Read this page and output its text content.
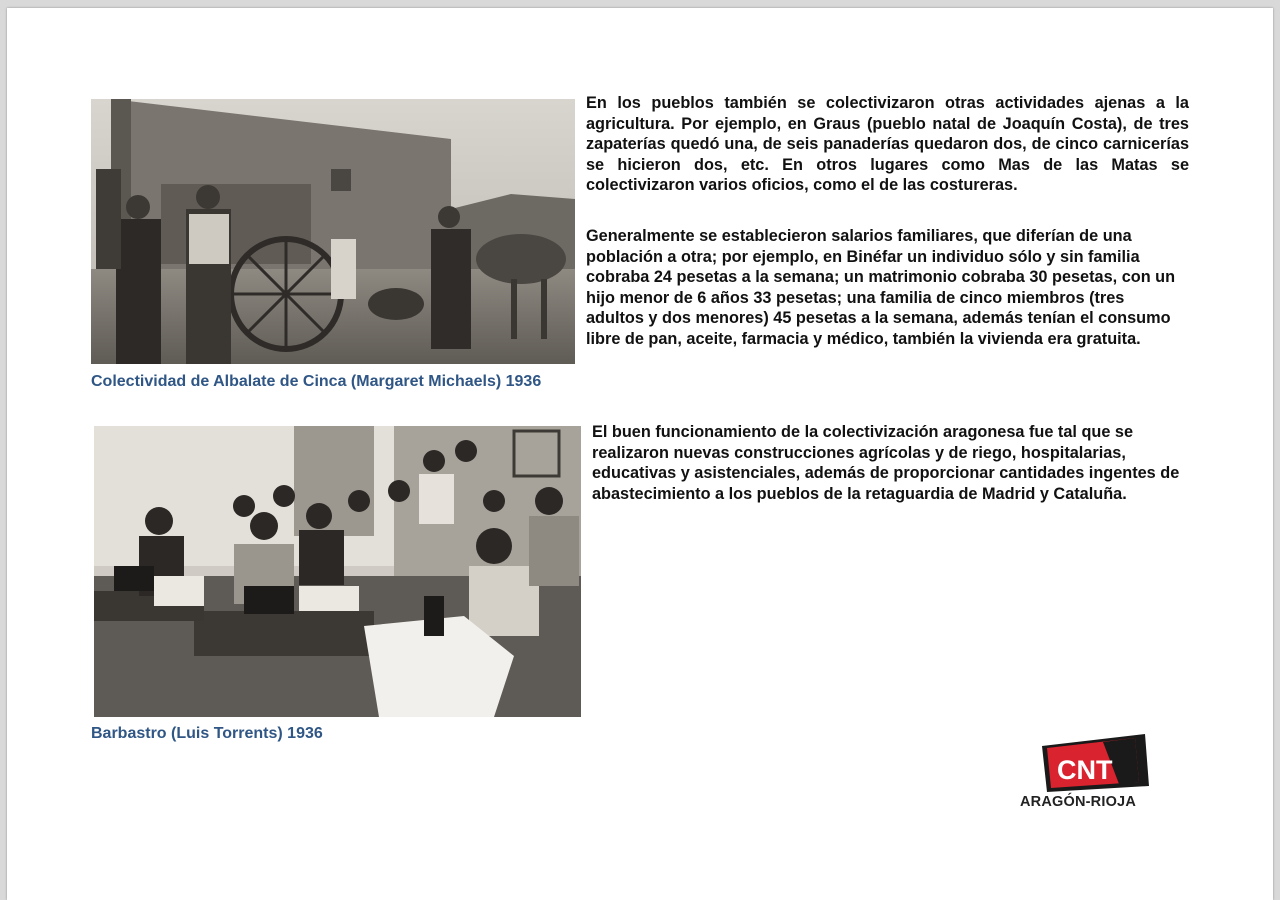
Colectividad de Albalate de Cinca (Margaret Michaels) 1936
Barbastro (Luis Torrents) 1936

En los pueblos también se colectivizaron otras actividades ajenas a la agricultura. Por ejemplo, en Graus (pueblo natal de Joaquín Costa), de tres zapaterías quedó una, de seis panaderías quedaron dos, de cinco carnicerías se hicieron dos, etc. En otros lugares como Mas de las Matas se colectivizaron varios oficios, como el de las costureras.

Generalmente se establecieron salarios familiares, que diferían de una población a otra; por ejemplo, en Binéfar un individuo sólo y sin familia cobraba 24 pesetas a la semana; un matrimonio cobraba 30 pesetas, con un hijo menor de 6 años 33 pesetas; una familia de cinco miembros (tres adultos y dos menores) 45 pesetas a la semana, además tenían el consumo libre de pan, aceite, farmacia y médico, también la vivienda era gratuita.

El buen funcionamiento de la colectivización aragonesa fue tal que se realizaron nuevas construcciones agrícolas y de riego, hospitalarias, educativas y asistenciales, además de proporcionar cantidades ingentes de abastecimiento a los pueblos de la retaguardia de Madrid y Cataluña.

CNT
ARAGÓN-RIOJA
